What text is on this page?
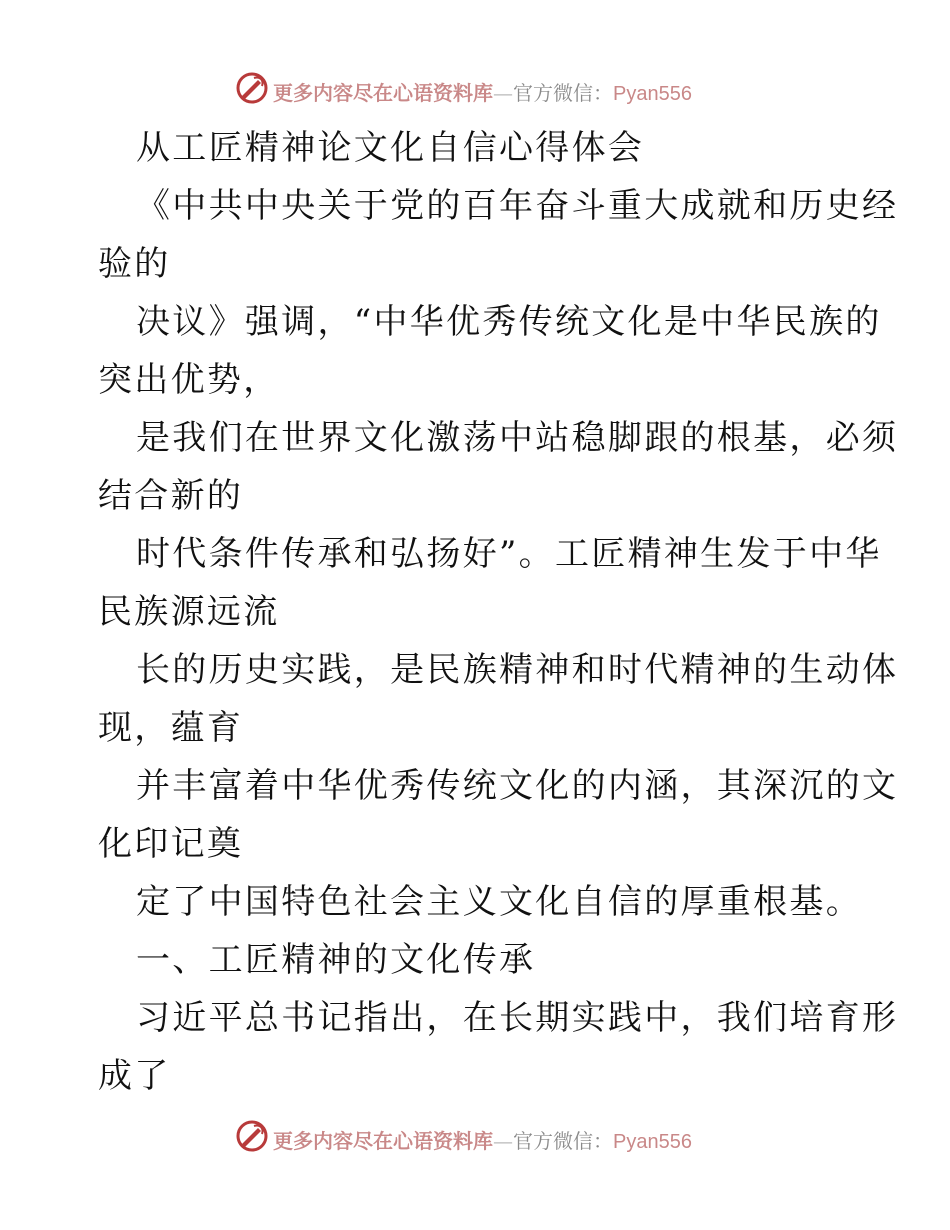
更多内容尽在心语资料库—官方微信：Pyan556
从工匠精神论文化自信心得体会
《中共中央关于党的百年奋斗重大成就和历史经
验的
决议》强调，“中华优秀传统文化是中华民族的
突出优势，
是我们在世界文化激荡中站稳脚跟的根基，必须
结合新的
时代条件传承和弘扬好”。工匠精神生发于中华
民族源远流
长的历史实践，是民族精神和时代精神的生动体
现，蕴育
并丰富着中华优秀传统文化的内涵，其深沉的文
化印记奠
定了中国特色社会主义文化自信的厚重根基。
一、工匠精神的文化传承
习近平总书记指出，在长期实践中，我们培育形
成了
更多内容尽在心语资料库—官方微信：Pyan556
